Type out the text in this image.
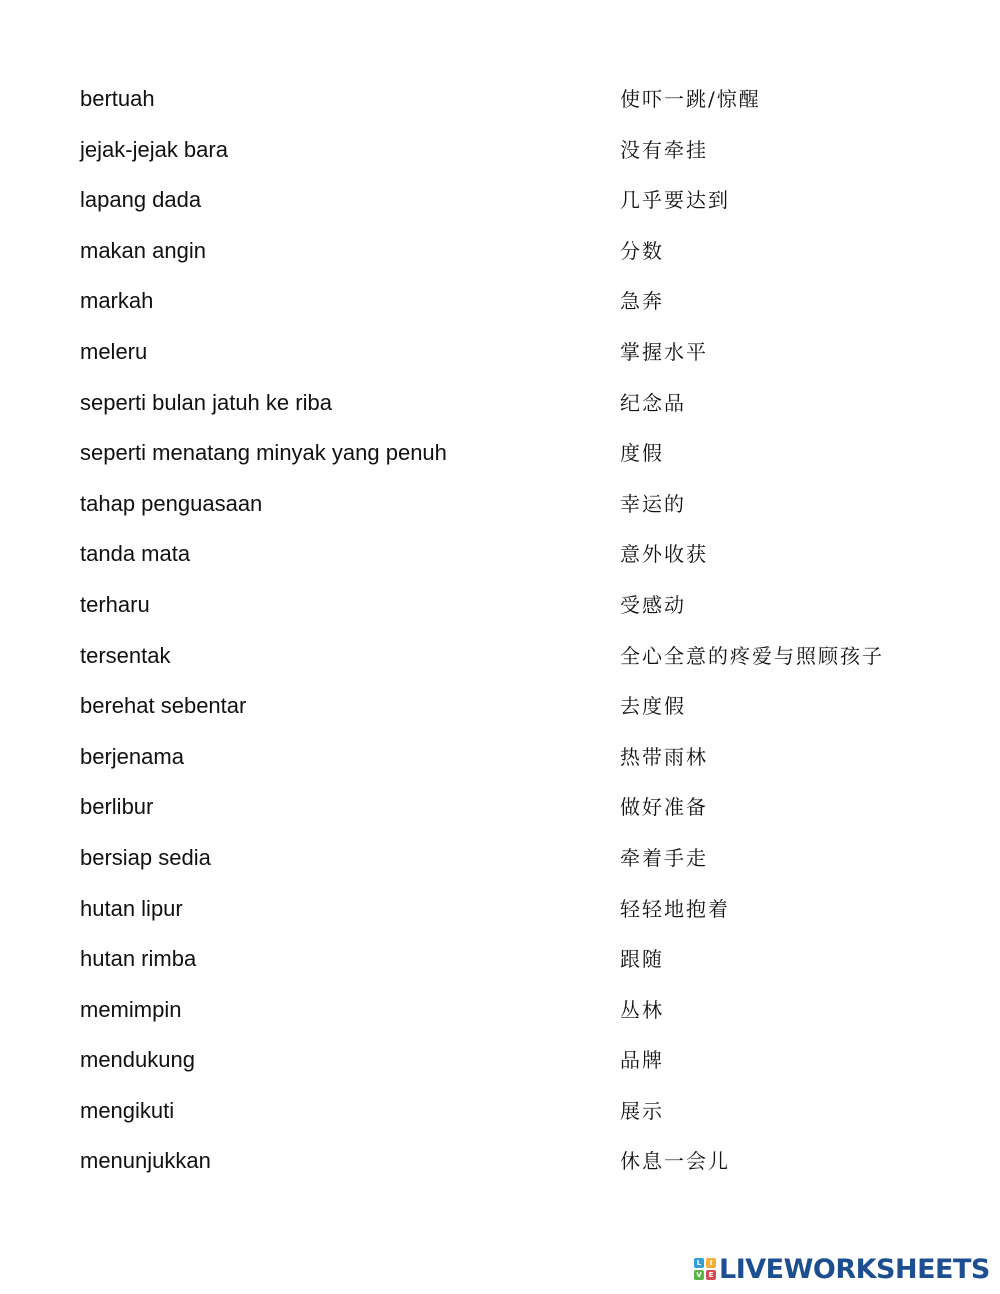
bertuah	使吓一跳/惊醒
jejak-jejak bara	没有牵挂
lapang dada	几乎要达到
makan angin	分数
markah	急奔
meleru	掌握水平
seperti bulan jatuh ke riba	纪念品
seperti menatang minyak yang penuh	度假
tahap penguasaan	幸运的
tanda mata	意外收获
terharu	受感动
tersentak	全心全意的疼爱与照顾孩子
berehat sebentar	去度假
berjenama	热带雨林
berlibur	做好准备
bersiap sedia	牵着手走
hutan lipur	轻轻地抱着
hutan rimba	跟随
memimpin	丛林
mendukung	品牌
mengikuti	展示
menunjukkan	休息一会儿
L	I
V E LIVEWORKSHEETS
